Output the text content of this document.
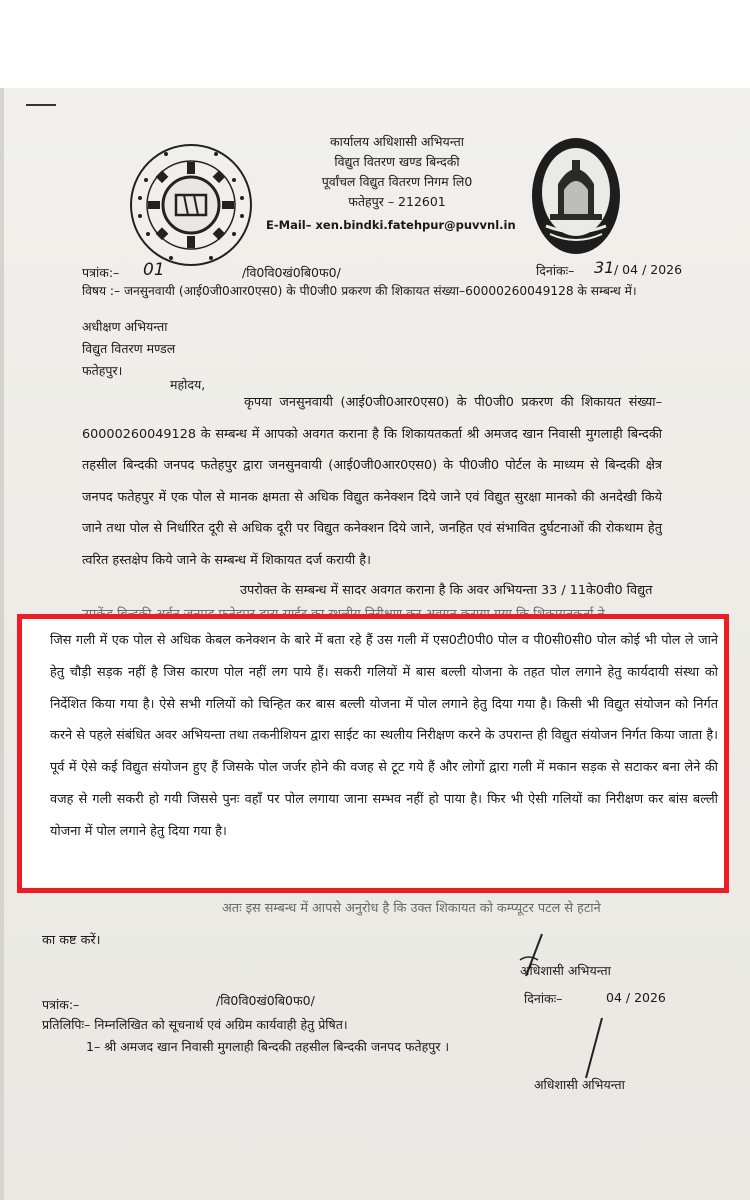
कार्यालय अधिशासी अभियन्ता
विद्युत वितरण खण्ड बिन्दकी
पूर्वांचल विद्युत वितरण निगम लि0
फतेहपुर – 212601
E-Mail– xen.bindki.fatehpur@puvvnl.in
पत्रांक:– 01	/वि0वि0खं0बि0फ0/	दिनांकः– 31 / 04 / 2026
विषय :– जनसुनवायी (आई0जी0आर0एस0) के पी0जी0 प्रकरण की शिकायत संख्या–60000260049128 के सम्बन्ध में।
अधीक्षण अभियन्ता
विद्युत वितरण मण्डल
फतेहपुर।
महोदय,
कृपया जनसुनवायी (आई0जी0आर0एस0) के पी0जी0 प्रकरण की शिकायत संख्या–60000260049128 के सम्बन्ध में आपको अवगत कराना है कि शिकायतकर्ता श्री अमजद खान निवासी मुगलाही बिन्दकी तहसील बिन्दकी जनपद फतेहपुर द्वारा जनसुनवायी (आई0जी0आर0एस0) के पी0जी0 पोर्टल के माध्यम से बिन्दकी क्षेत्र जनपद फतेहपुर में एक पोल से मानक क्षमता से अधिक विद्युत कनेक्शन दिये जाने एवं विद्युत सुरक्षा मानको की अनदेखी किये जाने तथा पोल से निर्धारित दूरी से अधिक दूरी पर विद्युत कनेक्शन दिये जाने, जनहित एवं संभावित दुर्घटनाओं की रोकथाम हेतु त्वरित हस्तक्षेप किये जाने के सम्बन्ध में शिकायत दर्ज करायी है।
उपरोक्त के सम्बन्ध में सादर अवगत कराना है कि अवर अभियन्ता 33 / 11के0वी0 विद्युत
जिस गली में एक पोल से अधिक केबल कनेक्शन के बारे में बता रहे हैं उस गली में एस0टी0पी0 पोल व पी0सी0सी0 पोल कोई भी पोल ले जाने हेतु चौड़ी सड़क नहीं है जिस कारण पोल नहीं लग पाये हैं। सकरी गलियों में बास बल्ली योजना के तहत पोल लगाने हेतु कार्यदायी संस्था को निर्देशित किया गया है। ऐसे सभी गलियों को चिन्हित कर बास बल्ली योजना में पोल लगाने हेतु दिया गया है। किसी भी विद्युत संयोजन को निर्गत करने से पहले संबंधित अवर अभियन्ता तथा तकनीशियन द्वारा साईट का स्थलीय निरीक्षण करने के उपरान्त ही विद्युत संयोजन निर्गत किया जाता है। पूर्व में ऐसे कई विद्युत संयोजन हुए हैं जिसके पोल जर्जर होने की वजह से टूट गये हैं और लोगों द्वारा गली में मकान सड़क से सटाकर बना लेने की वजह से गली सकरी हो गयी जिससे पुनः वहाँ पर पोल लगाया जाना सम्भव नहीं हो पाया है। फिर भी ऐसी गलियों का निरीक्षण कर बांस बल्ली योजना में पोल लगाने हेतु दिया गया है।
अतः इस सम्बन्ध में आपसे अनुरोध है कि उक्त शिकायत को कम्प्यूटर पटल से हटाने
का कष्ट करें।
अधिशासी अभियन्ता
पत्रांक:–	/वि0वि0खं0बि0फ0/	दिनांकः–	04 / 2026
प्रतिलिपिः– निम्नलिखित को सूचनार्थ एवं अग्रिम कार्यवाही हेतु प्रेषित।
1– श्री अमजद खान निवासी मुगलाही बिन्दकी तहसील बिन्दकी जनपद फतेहपुर ।
अधिशासी अभियन्ता
